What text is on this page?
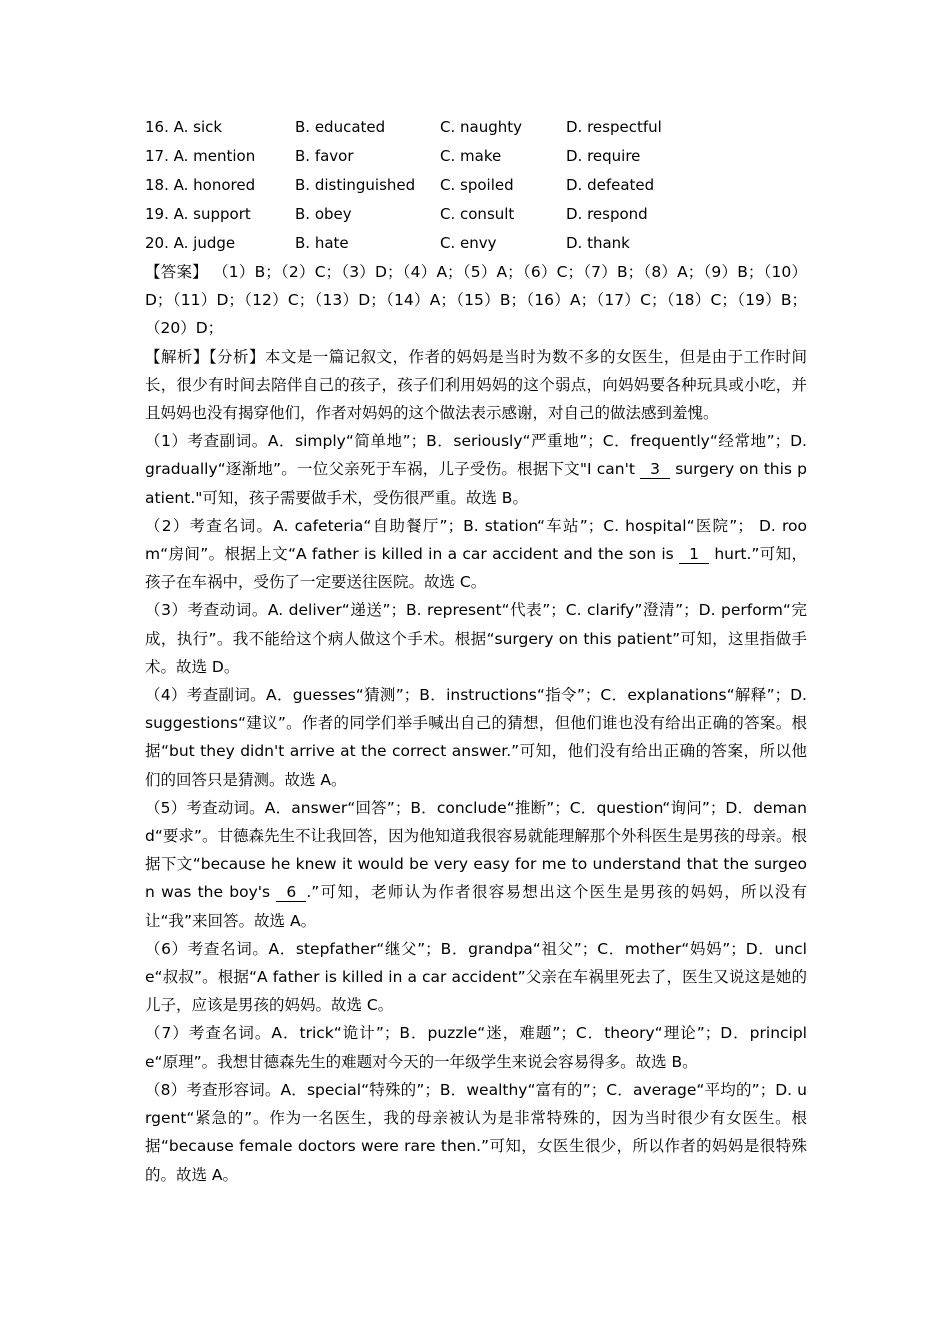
16. A. sick	B. educated	C. naughty	D. respectful
17. A. mention	B. favor	C. make	D. require
18. A. honored	B. distinguished C. spoiled	D. defeated
19. A. support	B. obey	C. consult	D. respond
20. A. judge	B. hate	C. envy	D. thank

【答案】 （1）B；（2）C；（3）D；（4）A；（5）A；（6）C；（7）B；（8）A；（9）B；（10）D；（11）D；（12）C；（13）D；（14）A；（15）B；（16）A；（17）C；（18）C；（19）B；（20）D；

【解析】【分析】本文是一篇记叙文，作者的妈妈是当时为数不多的女医生，但是由于工作时间长，很少有时间去陪伴自己的孩子，孩子们利用妈妈的这个弱点，向妈妈要各种玩具或小吃，并且妈妈也没有揭穿他们，作者对妈妈的这个做法表示感谢，对自己的做法感到羞愧。

（1）考查副词。A．simply“简单地”；B．seriously“严重地”；C．frequently“经常地”；D. gradually“逐渐地”。一位父亲死于车祸，儿子受伤。根据下文"I can't 3 surgery on this patient."可知，孩子需要做手术，受伤很严重。故选 B。

（2）考查名词。A. cafeteria“自助餐厅”；B. station“车站”；C. hospital“医院”； D. room“房间”。根据上文“A father is killed in a car accident and the son is 1 hurt.”可知，孩子在车祸中，受伤了一定要送往医院。故选 C。

（3）考查动词。A. deliver“递送”；B. represent“代表”；C. clarify”澄清”；D. perform“完成，执行”。我不能给这个病人做这个手术。根据“surgery on this patient”可知，这里指做手术。故选 D。

（4）考查副词。A．guesses“猜测”；B．instructions“指令”；C．explanations“解释”；D. suggestions“建议”。作者的同学们举手喊出自己的猜想，但他们谁也没有给出正确的答案。根据“but they didn't arrive at the correct answer.”可知，他们没有给出正确的答案，所以他们的回答只是猜测。故选 A。

（5）考查动词。A．answer“回答”；B．conclude“推断”；C．question“询问”；D．demand“要求”。甘德森先生不让我回答，因为他知道我很容易就能理解那个外科医生是男孩的母亲。根据下文“because he knew it would be very easy for me to understand that the surgeon was the boy's 6 .”可知，老师认为作者很容易想出这个医生是男孩的妈妈，所以没有让“我”来回答。故选 A。

（6）考查名词。A．stepfather“继父”；B．grandpa“祖父”；C．mother“妈妈”；D．uncle“叔叔”。根据“A father is killed in a car accident”父亲在车祸里死去了，医生又说这是她的儿子，应该是男孩的妈妈。故选 C。

（7）考查名词。A．trick“诡计”；B．puzzle“迷，难题”；C．theory“理论”；D．principle“原理”。我想甘德森先生的难题对今天的一年级学生来说会容易得多。故选 B。

（8）考查形容词。A．special“特殊的”；B．wealthy“富有的”；C．average“平均的”；D. urgent“紧急的”。作为一名医生，我的母亲被认为是非常特殊的，因为当时很少有女医生。根据“because female doctors were rare then.”可知，女医生很少，所以作者的妈妈是很特殊的。故选 A。
